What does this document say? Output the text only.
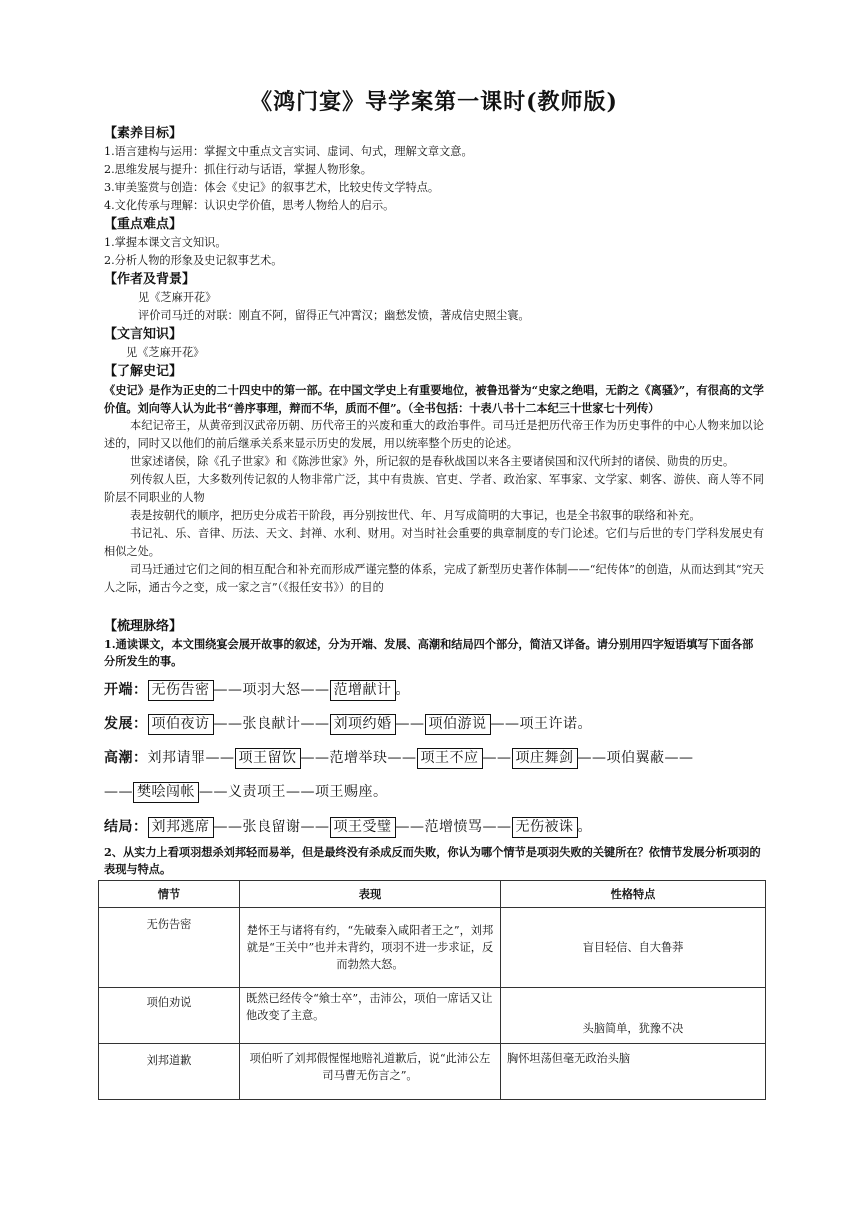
《鸿门宴》导学案第一课时(教师版)

【素养目标】

1.语言建构与运用：掌握文中重点文言实词、虚词、句式，理解文章文意。

2.思维发展与提升：抓住行动与话语，掌握人物形象。

3.审美鉴赏与创造：体会《史记》的叙事艺术，比较史传文学特点。

4.文化传承与理解：认识史学价值，思考人物给人的启示。

【重点难点】

1.掌握本课文言文知识。

2.分析人物的形象及史记叙事艺术。

【作者及背景】

见《芝麻开花》

评价司马迁的对联：刚直不阿，留得正气冲霄汉；幽愁发愤，著成信史照尘寰。

【文言知识】

见《芝麻开花》

【了解史记】

《史记》是作为正史的二十四史中的第一部。在中国文学史上有重要地位，被鲁迅誉为“史家之绝唱，无韵之《离骚》”，有很高的文学价值。刘向等人认为此书“善序事理，辩而不华，质而不俚”。（全书包括：十表八书十二本纪三十世家七十列传）

本纪记帝王，从黄帝到汉武帝历朝、历代帝王的兴废和重大的政治事件。司马迁是把历代帝王作为历史事件的中心人物来加以论述的，同时又以他们的前后继承关系来显示历史的发展，用以统率整个历史的论述。

世家述诸侯，除《孔子世家》和《陈涉世家》外，所记叙的是春秋战国以来各主要诸侯国和汉代所封的诸侯、勋贵的历史。

列传叙人臣，大多数列传记叙的人物非常广泛，其中有贵族、官吏、学者、政治家、军事家、文学家、刺客、游侠、商人等不同阶层不同职业的人物

表是按朝代的顺序，把历史分成若干阶段，再分别按世代、年、月写成简明的大事记，也是全书叙事的联络和补充。

书记礼、乐、音律、历法、天文、封禅、水利、财用。对当时社会重要的典章制度的专门论述。它们与后世的专门学科发展史有相似之处。

司马迁通过它们之间的相互配合和补充而形成严谨完整的体系，完成了新型历史著作体制——“纪传体”的创造，从而达到其“究天人之际，通古今之变，成一家之言”（《报任安书》）的目的

【梳理脉络】

1.通读课文，本文围绕宴会展开故事的叙述，分为开端、发展、高潮和结局四个部分，简洁又详备。请分别用四字短语填写下面各部分所发生的事。

开端： 无伤告密 ——项羽大怒—— 范增献计 。

发展： 项伯夜访 ——张良献计—— 刘项约婚 —— 项伯游说 ——项王许诺。

高潮：刘邦请罪—— 项王留饮 ——范增举玦—— 项王不应 —— 项庄舞剑 ——项伯翼蔽——

—— 樊哙闯帐 ——义责项王——项王赐座。

结局： 刘邦逃席 ——张良留谢—— 项王受璧 ——范增愤骂—— 无伤被诛 。

2、从实力上看项羽想杀刘邦轻而易举，但是最终没有杀成反而失败，你认为哪个情节是项羽失败的关键所在？依情节发展分析项羽的表现与特点。

情节	表现	性格特点
无伤告密	楚怀王与诸将有约，“先破秦入咸阳者王之”，刘邦就是“王关中”也并未背约，项羽不进一步求证，反而勃然大怒。	盲目轻信、自大鲁莽
项伯劝说	既然已经传令“飨士卒”，击沛公，项伯一席话又让他改变了主意。	头脑简单，犹豫不决
刘邦道歉	项伯听了刘邦假惺惺地赔礼道歉后，说“此沛公左司马曹无伤言之”。	胸怀坦荡但毫无政治头脑
